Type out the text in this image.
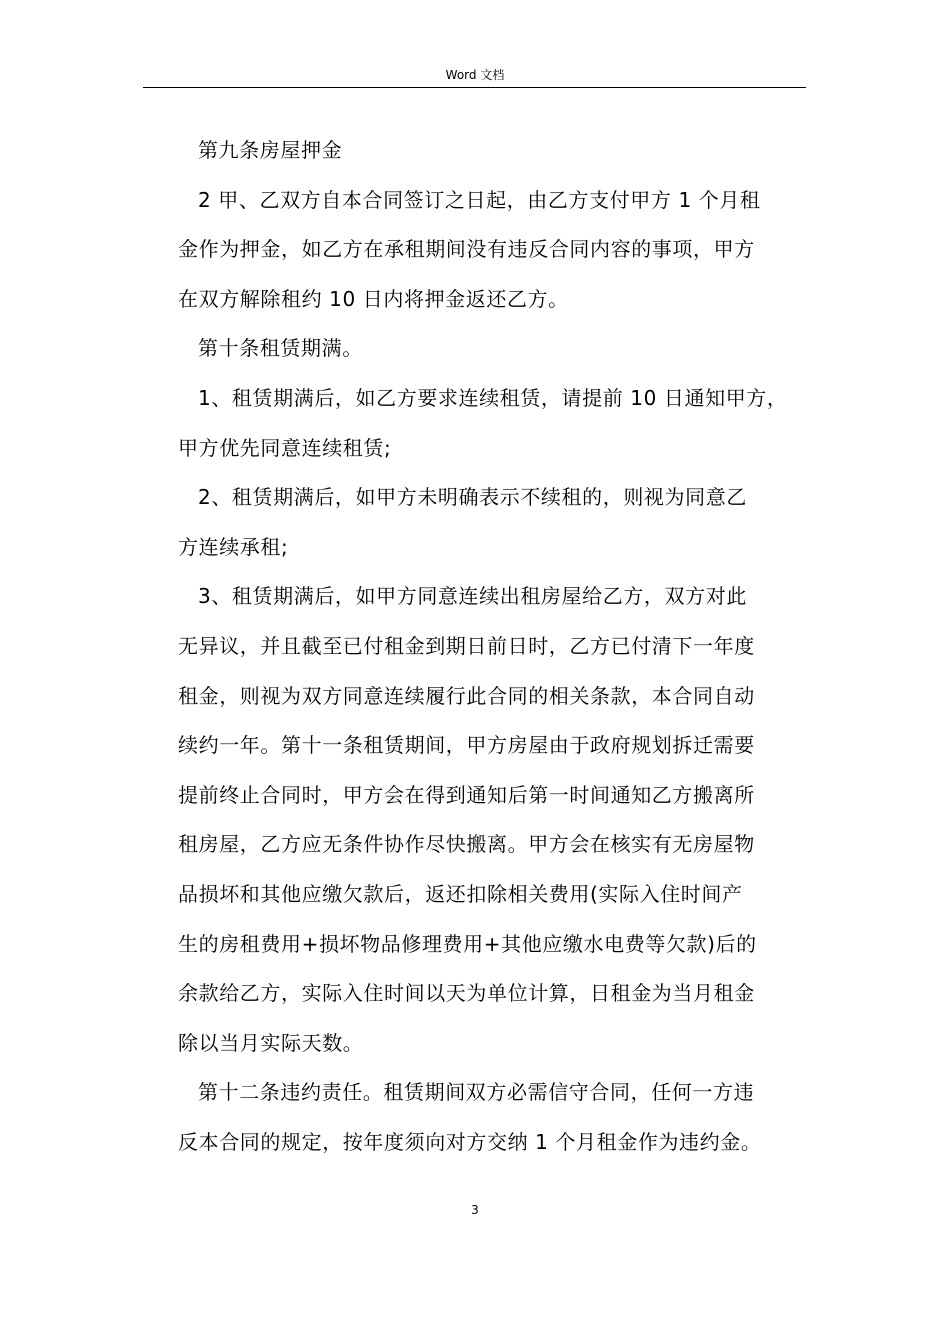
Word 文档

第九条房屋押金

2 甲、乙双方自本合同签订之日起，由乙方支付甲方 1 个月租
金作为押金，如乙方在承租期间没有违反合同内容的事项，甲方
在双方解除租约 10 日内将押金返还乙方。

第十条租赁期满。

1、租赁期满后，如乙方要求连续租赁，请提前 10 日通知甲方，
甲方优先同意连续租赁;

2、租赁期满后，如甲方未明确表示不续租的，则视为同意乙
方连续承租;

3、租赁期满后，如甲方同意连续出租房屋给乙方，双方对此
无异议，并且截至已付租金到期日前日时，乙方已付清下一年度
租金，则视为双方同意连续履行此合同的相关条款，本合同自动
续约一年。第十一条租赁期间，甲方房屋由于政府规划拆迁需要
提前终止合同时，甲方会在得到通知后第一时间通知乙方搬离所
租房屋，乙方应无条件协作尽快搬离。甲方会在核实有无房屋物
品损坏和其他应缴欠款后，返还扣除相关费用(实际入住时间产
生的房租费用+损坏物品修理费用+其他应缴水电费等欠款)后的
余款给乙方，实际入住时间以天为单位计算，日租金为当月租金
除以当月实际天数。

第十二条违约责任。租赁期间双方必需信守合同，任何一方违
反本合同的规定，按年度须向对方交纳 1 个月租金作为违约金。

3
